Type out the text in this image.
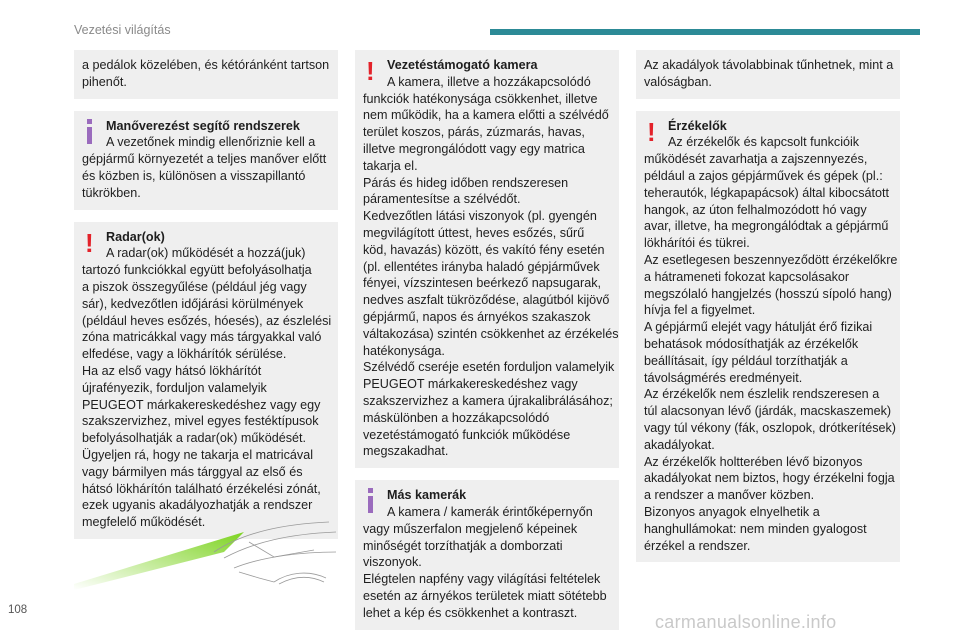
Vezetési világítás
a pedálok közelében, és kétóránként tartson
pihenőt.
Manőverezést segítő rendszerek
A vezetőnek mindig ellenőriznie kell a
gépjármű környezetét a teljes manőver előtt
és közben is, különösen a visszapillantó
tükrökben.
! Radar(ok)
A radar(ok) működését a hozzá(juk)
tartozó funkciókkal együtt befolyásolhatja
a piszok összegyűlése (például jég vagy
sár), kedvezőtlen időjárási körülmények
(például heves esőzés, hóesés), az észlelési
zóna matricákkal vagy más tárgyakkal való
elfedése, vagy a lökhárítók sérülése.
Ha az első vagy hátsó lökhárítót
újrafényezik, forduljon valamelyik
PEUGEOT márkakereskedéshez vagy egy
szakszervizhez, mivel egyes festéktípusok
befolyásolhatják a radar(ok) működését.
Ügyeljen rá, hogy ne takarja el matricával
vagy bármilyen más tárggyal az első és
hátsó lökhárítón található érzékelési zónát,
ezek ugyanis akadályozhatják a rendszer
megfelelő működését.
! Vezetéstámogató kamera
A kamera, illetve a hozzákapcsolódó
funkciók hatékonysága csökkenhet, illetve
nem működik, ha a kamera előtti a szélvédő
terület koszos, párás, zúzmarás, havas,
illetve megrongálódott vagy egy matrica
takarja el.
Párás és hideg időben rendszeresen
páramentesítse a szélvédőt.
Kedvezőtlen látási viszonyok (pl. gyengén
megvilágított úttest, heves esőzés, sűrű
köd, havazás) között, és vakító fény esetén
(pl. ellentétes irányba haladó gépjárművek
fényei, vízszintesen beérkező napsugarak,
nedves aszfalt tükröződése, alagútból kijövő
gépjármű, napos és árnyékos szakaszok
váltakozása) szintén csökkenhet az érzékelés
hatékonysága.
Szélvédő cseréje esetén forduljon valamelyik
PEUGEOT márkakereskedéshez vagy
szakszervizhez a kamera újrakalibrálásához;
máskülönben a hozzákapcsolódó
vezetéstámogató funkciók működése
megszakadhat.
Más kamerák
A kamera / kamerák érintőképernyőn
vagy műszerfalon megjelenő képeinek
minőségét torzíthatják a domborzati
viszonyok.
Elégtelen napfény vagy világítási feltételek
esetén az árnyékos területek miatt sötétebb
lehet a kép és csökkenhet a kontraszt.
Az akadályok távolabbinak tűnhetnek, mint a
valóságban.
! Érzékelők
Az érzékelők és kapcsolt funkcióik
működését zavarhatja a zajszennyezés,
például a zajos gépjárművek és gépek (pl.:
teherautók, légkapapácsok) által kibocsátott
hangok, az úton felhalmozódott hó vagy
avar, illetve, ha megrongálódtak a gépjármű
lökhárítói és tükrei.
Az esetlegesen beszennyeződött érzékelőkre
a hátrameneti fokozat kapcsolásakor
megszólaló hangjelzés (hosszú sípoló hang)
hívja fel a figyelmet.
A gépjármű elejét vagy hátulját érő fizikai
behatások módosíthatják az érzékelők
beállításait, így például torzíthatják a
távolságmérés eredményeit.
Az érzékelők nem észlelik rendszeresen a
túl alacsonyan lévő (járdák, macskaszemek)
vagy túl vékony (fák, oszlopok, drótkerítések)
akadályokat.
Az érzékelők holtterében lévő bizonyos
akadályokat nem biztos, hogy érzékelni fogja
a rendszer a manőver közben.
Bizonyos anyagok elnyelhetik a
hanghullámokat: nem minden gyalogost
érzékel a rendszer.
108
carmanualsonline.info
